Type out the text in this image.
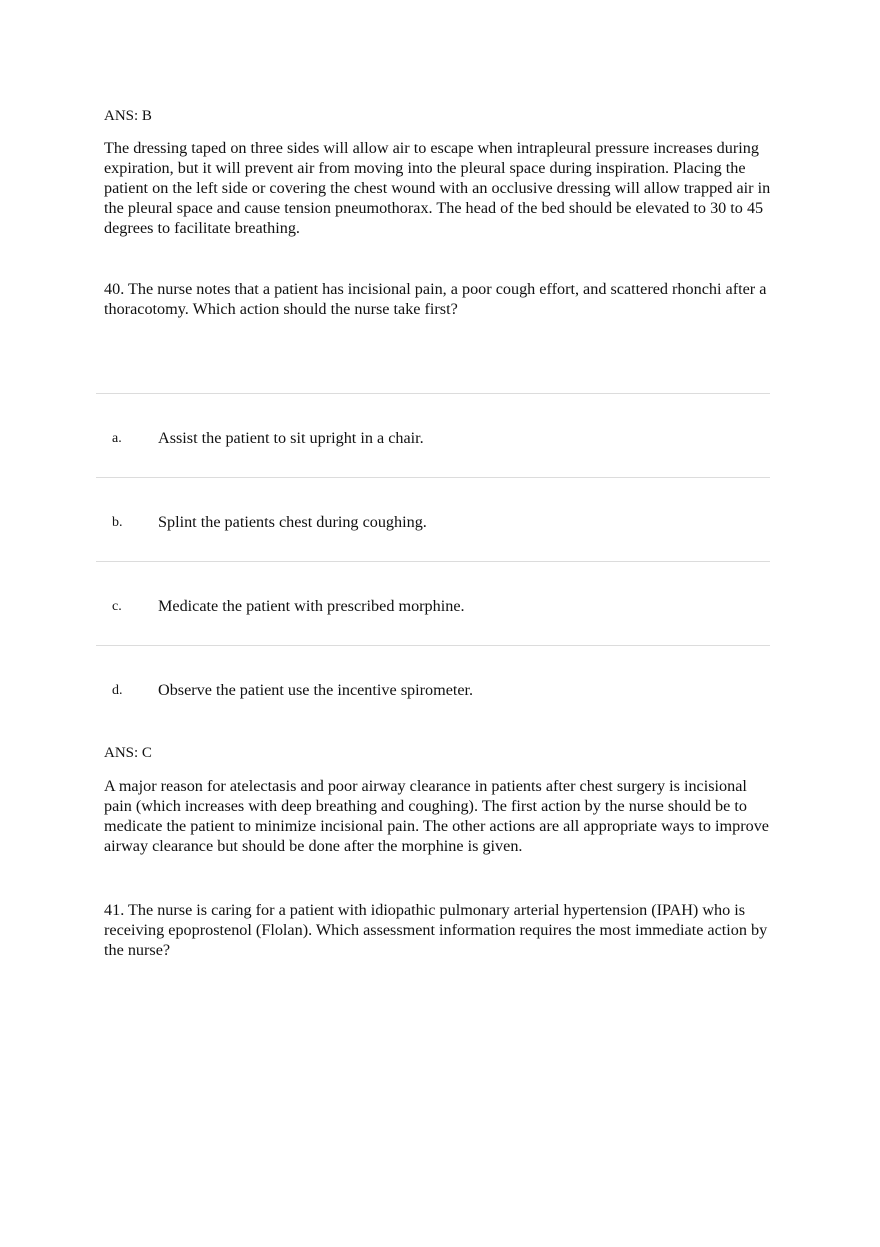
ANS: B

The dressing taped on three sides will allow air to escape when intrapleural pressure increases during expiration, but it will prevent air from moving into the pleural space during inspiration. Placing the patient on the left side or covering the chest wound with an occlusive dressing will allow trapped air in the pleural space and cause tension pneumothorax. The head of the bed should be elevated to 30 to 45 degrees to facilitate breathing.

40. The nurse notes that a patient has incisional pain, a poor cough effort, and scattered rhonchi after a thoracotomy. Which action should the nurse take first?

a. Assist the patient to sit upright in a chair.
b. Splint the patients chest during coughing.
c. Medicate the patient with prescribed morphine.
d. Observe the patient use the incentive spirometer.

ANS: C

A major reason for atelectasis and poor airway clearance in patients after chest surgery is incisional pain (which increases with deep breathing and coughing). The first action by the nurse should be to medicate the patient to minimize incisional pain. The other actions are all appropriate ways to improve airway clearance but should be done after the morphine is given.

41. The nurse is caring for a patient with idiopathic pulmonary arterial hypertension (IPAH) who is receiving epoprostenol (Flolan). Which assessment information requires the most immediate action by the nurse?
